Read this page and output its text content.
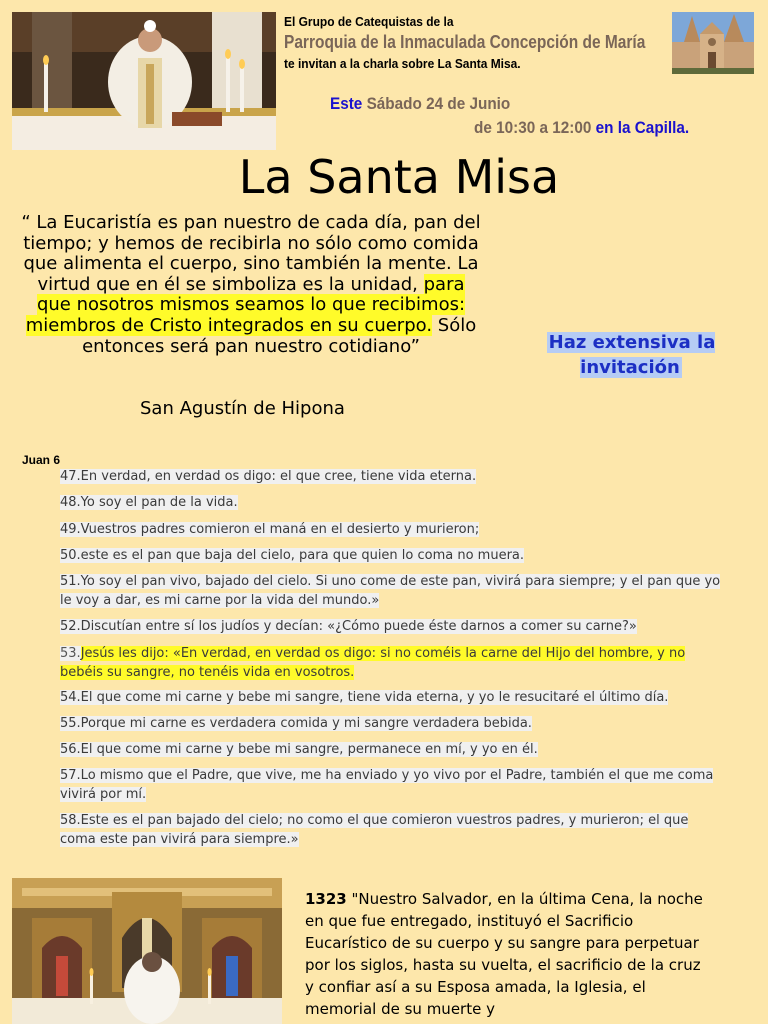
El Grupo de Catequistas de la
Parroquia de la Inmaculada Concepción de María
te invitan a la charla sobre La Santa Misa.
Este Sábado 24 de Junio
de 10:30 a 12:00 en la Capilla.
La Santa Misa
“ La Eucaristía es pan nuestro de cada día, pan del tiempo; y hemos de recibirla no sólo como comida que alimenta el cuerpo, sino también la mente. La virtud que en él se simboliza es la unidad, para que nosotros mismos seamos lo que recibimos: miembros de Cristo integrados en su cuerpo. Sólo entonces será pan nuestro cotidiano”
San Agustín de Hipona
Haz extensiva la invitación
Juan 6
47.En verdad, en verdad os digo: el que cree, tiene vida eterna.
48.Yo soy el pan de la vida.
49.Vuestros padres comieron el maná en el desierto y murieron;
50.este es el pan que baja del cielo, para que quien lo coma no muera.
51.Yo soy el pan vivo, bajado del cielo. Si uno come de este pan, vivirá para siempre; y el pan que yo le voy a dar, es mi carne por la vida del mundo.»
52.Discutían entre sí los judíos y decían: «¿Cómo puede éste darnos a comer su carne?»
53.Jesús les dijo: «En verdad, en verdad os digo: si no coméis la carne del Hijo del hombre, y no bebéis su sangre, no tenéis vida en vosotros.
54.El que come mi carne y bebe mi sangre, tiene vida eterna, y yo le resucitaré el último día.
55.Porque mi carne es verdadera comida y mi sangre verdadera bebida.
56.El que come mi carne y bebe mi sangre, permanece en mí, y yo en él.
57.Lo mismo que el Padre, que vive, me ha enviado y yo vivo por el Padre, también el que me coma vivirá por mí.
58.Este es el pan bajado del cielo; no como el que comieron vuestros padres, y murieron; el que coma este pan vivirá para siempre.»
1323 "Nuestro Salvador, en la última Cena, la noche en que fue entregado, instituyó el Sacrificio Eucarístico de su cuerpo y su sangre para perpetuar por los siglos, hasta su vuelta, el sacrificio de la cruz y confiar así a su Esposa amada, la Iglesia, el memorial de su muerte y
